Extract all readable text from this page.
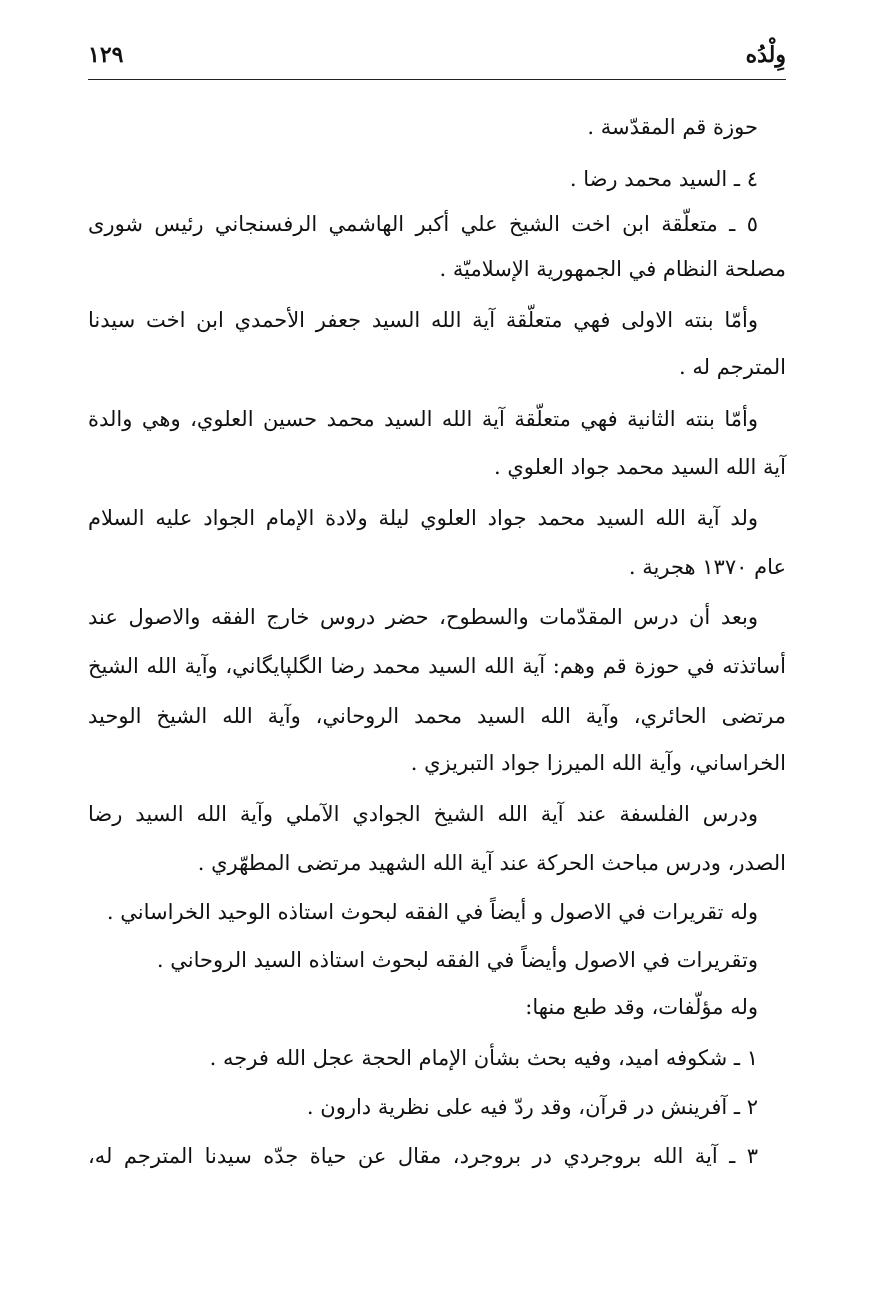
١٢٩	وِلْدُه
حوزة قم المقدّسة .
٤ ـ السيد محمد رضا .
٥ ـ متعلّقة ابن اخت الشيخ علي أكبر الهاشمي الرفسنجاني رئيس شورى
مصلحة النظام في الجمهورية الإسلاميّة .
وأمّا بنته الاولى فهي متعلّقة آية الله السيد جعفر الأحمدي ابن اخت سيدنا
المترجم له .
وأمّا بنته الثانية فهي متعلّقة آية الله السيد محمد حسين العلوي، وهي والدة
آية الله السيد محمد جواد العلوي .
ولد آية الله السيد محمد جواد العلوي ليلة ولادة الإمام الجواد عليه السلام
عام ١٣٧٠ هجرية .
وبعد أن درس المقدّمات والسطوح، حضر دروس خارج الفقه والاصول عند
أساتذته في حوزة قم وهم: آية الله السيد محمد رضا الگلپايگاني، وآية الله الشيخ
مرتضى الحائري، وآية الله السيد محمد الروحاني، وآية الله الشيخ الوحيد
الخراساني، وآية الله الميرزا جواد التبريزي .
ودرس الفلسفة عند آية الله الشيخ الجوادي الآملي وآية الله السيد رضا
الصدر، ودرس مباحث الحركة عند آية الله الشهيد مرتضى المطهّري .
وله تقريرات في الاصول و أيضاً في الفقه لبحوث استاذه الوحيد الخراساني .
وتقريرات في الاصول وأيضاً في الفقه لبحوث استاذه السيد الروحاني .
وله مؤلّفات، وقد طبع منها:
١ ـ شكوفه اميد، وفيه بحث بشأن الإمام الحجة عجل الله فرجه .
٢ ـ آفرينش در قرآن، وقد ردّ فيه على نظرية دارون .
٣ ـ آية الله بروجردي در بروجرد، مقال عن حياة جدّه سيدنا المترجم له،
